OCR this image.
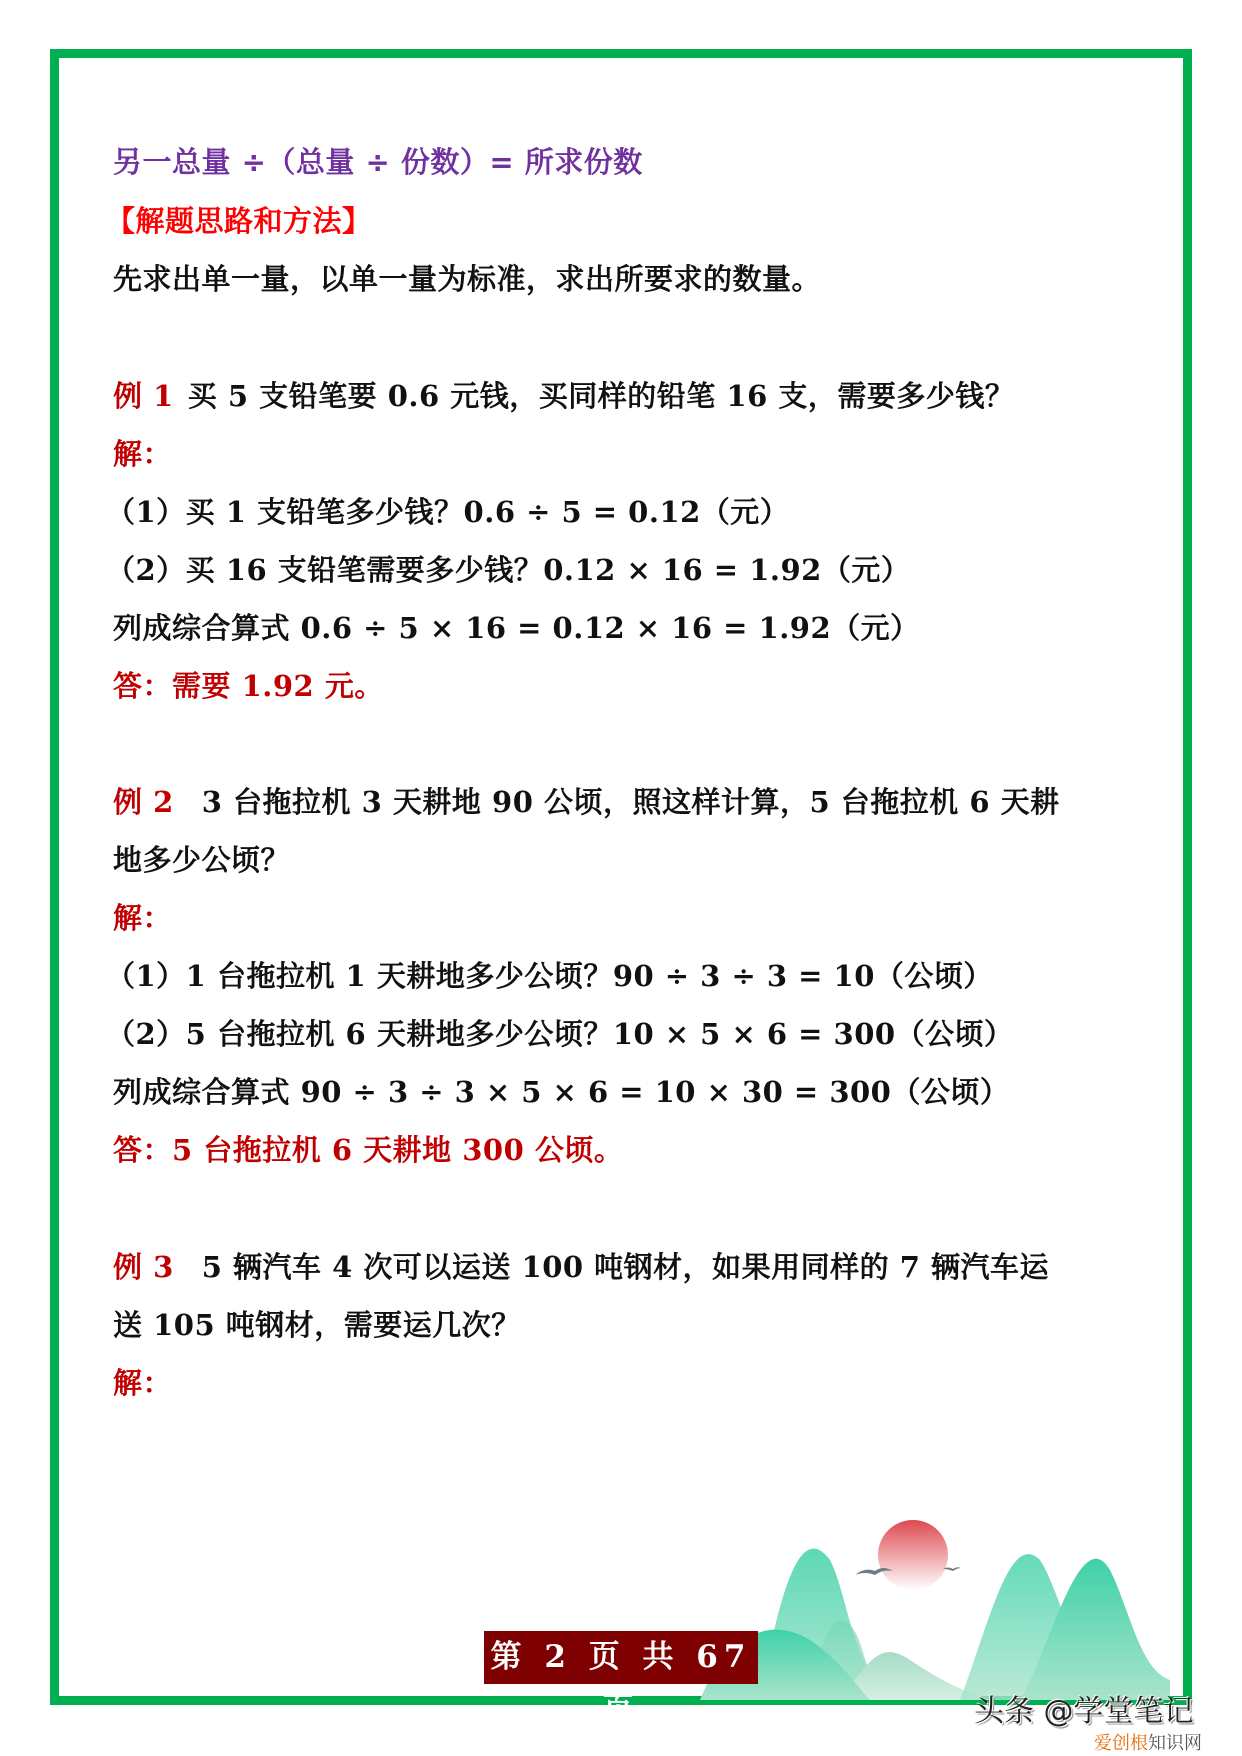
另一总量 ÷（总量 ÷ 份数）= 所求份数
【解题思路和方法】
先求出单一量，以单一量为标准，求出所要求的数量。
例 1 买 5 支铅笔要 0.6 元钱，买同样的铅笔 16 支，需要多少钱？
解：
（1）买 1 支铅笔多少钱？0.6 ÷ 5 = 0.12（元）
（2）买 16 支铅笔需要多少钱？0.12 × 16 = 1.92（元）
列成综合算式 0.6 ÷ 5 × 16 = 0.12 × 16 = 1.92（元）
答：需要 1.92 元。
例 2 3 台拖拉机 3 天耕地 90 公顷，照这样计算，5 台拖拉机 6 天耕
地多少公顷？
解：
（1）1 台拖拉机 1 天耕地多少公顷？90 ÷ 3 ÷ 3 = 10（公顷）
（2）5 台拖拉机 6 天耕地多少公顷？10 × 5 × 6 = 300（公顷）
列成综合算式 90 ÷ 3 ÷ 3 × 5 × 6 = 10 × 30 = 300（公顷）
答：5 台拖拉机 6 天耕地 300 公顷。
例 3 5 辆汽车 4 次可以运送 100 吨钢材，如果用同样的 7 辆汽车运
送 105 吨钢材，需要运几次？
解：
第 2 页 共 67 页	头条 @学堂笔记
爱创根知识网
